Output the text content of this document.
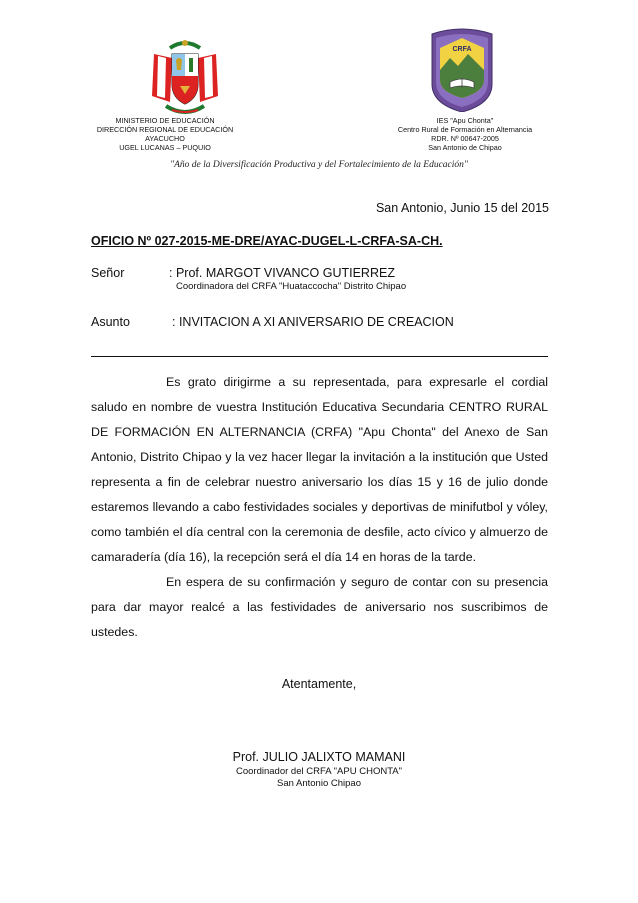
CRFA
MINISTERIO DE EDUCACIÓN
DIRECCIÓN REGIONAL DE EDUCACIÓN AYACUCHO
UGEL LUCANAS – PUQUIO
IES "Apu Chonta"
Centro Rural de Formación en Alternancia
RDR. Nº 00647-2005
San Antonio de Chipao
"Año de la Diversificación Productiva y del Fortalecimiento de la Educación"
San Antonio, Junio 15 del 2015
OFICIO Nº 027-2015-ME-DRE/AYAC-DUGEL-L-CRFA-SA-CH.
Señor	: Prof. MARGOT VIVANCO GUTIERREZ
Coordinadora del CRFA "Huataccocha" Distrito Chipao
Asunto	: INVITACION A XI ANIVERSARIO DE CREACION

Es grato dirigirme a su representada, para expresarle el cordial saludo en nombre de vuestra Institución Educativa Secundaria CENTRO RURAL DE FORMACIÓN EN ALTERNANCIA (CRFA) "Apu Chonta" del Anexo de San Antonio, Distrito Chipao y la vez hacer llegar la invitación a la institución que Usted representa a fin de celebrar nuestro aniversario los días 15 y 16 de julio donde estaremos llevando a cabo festividades sociales y deportivas de minifutbol y vóley, como también el día central con la ceremonia de desfile, acto cívico y almuerzo de camaradería (día 16), la recepción será el día 14 en horas de la tarde.

En espera de su confirmación y seguro de contar con su presencia para dar mayor realcé a las festividades de aniversario nos suscribimos de ustedes.

Atentamente,
Prof. JULIO JALIXTO MAMANI
Coordinador del CRFA "APU CHONTA"
San Antonio Chipao
